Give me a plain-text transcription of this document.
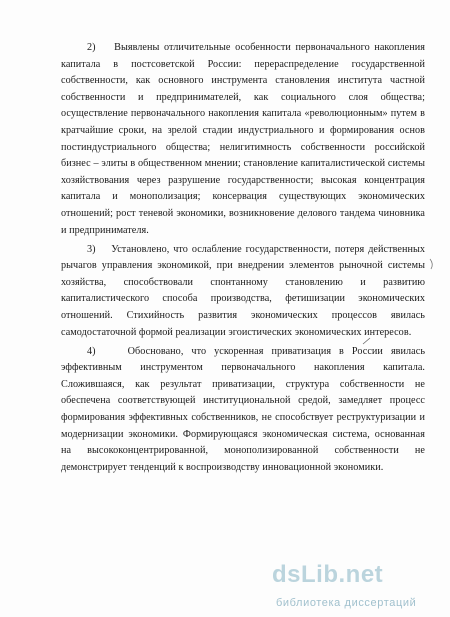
2) Выявлены отличительные особенности первоначального накопления капитала в постсоветской России: перераспределение государственной собственности, как основного инструмента становления института частной собственности и предпринимателей, как социального слоя общества; осуществление первоначального накопления капитала «революционным» путем в кратчайшие сроки, на зрелой стадии индустриального и формирования основ постиндустриального общества; нелигитимность собственности российской бизнес – элиты в общественном мнении; становление капиталистической системы хозяйствования через разрушение государственности; высокая концентрация капитала и монополизация; консервация существующих экономических отношений; рост теневой экономики, возникновение делового тандема чиновника и предпринимателя.

3) Установлено, что ослабление государственности, потеря действенных рычагов управления экономикой, при внедрении элементов рыночной системы хозяйства, способствовали спонтанному становлению и развитию капиталистического способа производства, фетишизации экономических отношений. Стихийность развития экономических процессов явилась самодостаточной формой реализации эгоистических экономических интересов.

4)	Обосновано, что ускоренная приватизация в России явилась эффективным инструментом первоначального накопления капитала. Сложившаяся, как результат приватизации, структура собственности не обеспечена соответствующей институциональной средой, замедляет процесс формирования эффективных собственников, не способствует реструктуризации и модернизации экономики. Формирующаяся экономическая система, основанная на высококонцентрированной, монополизированной собственности не демонстрирует тенденций к воспроизводству инновационной экономики.

dsLib.net
библиотека диссертаций
